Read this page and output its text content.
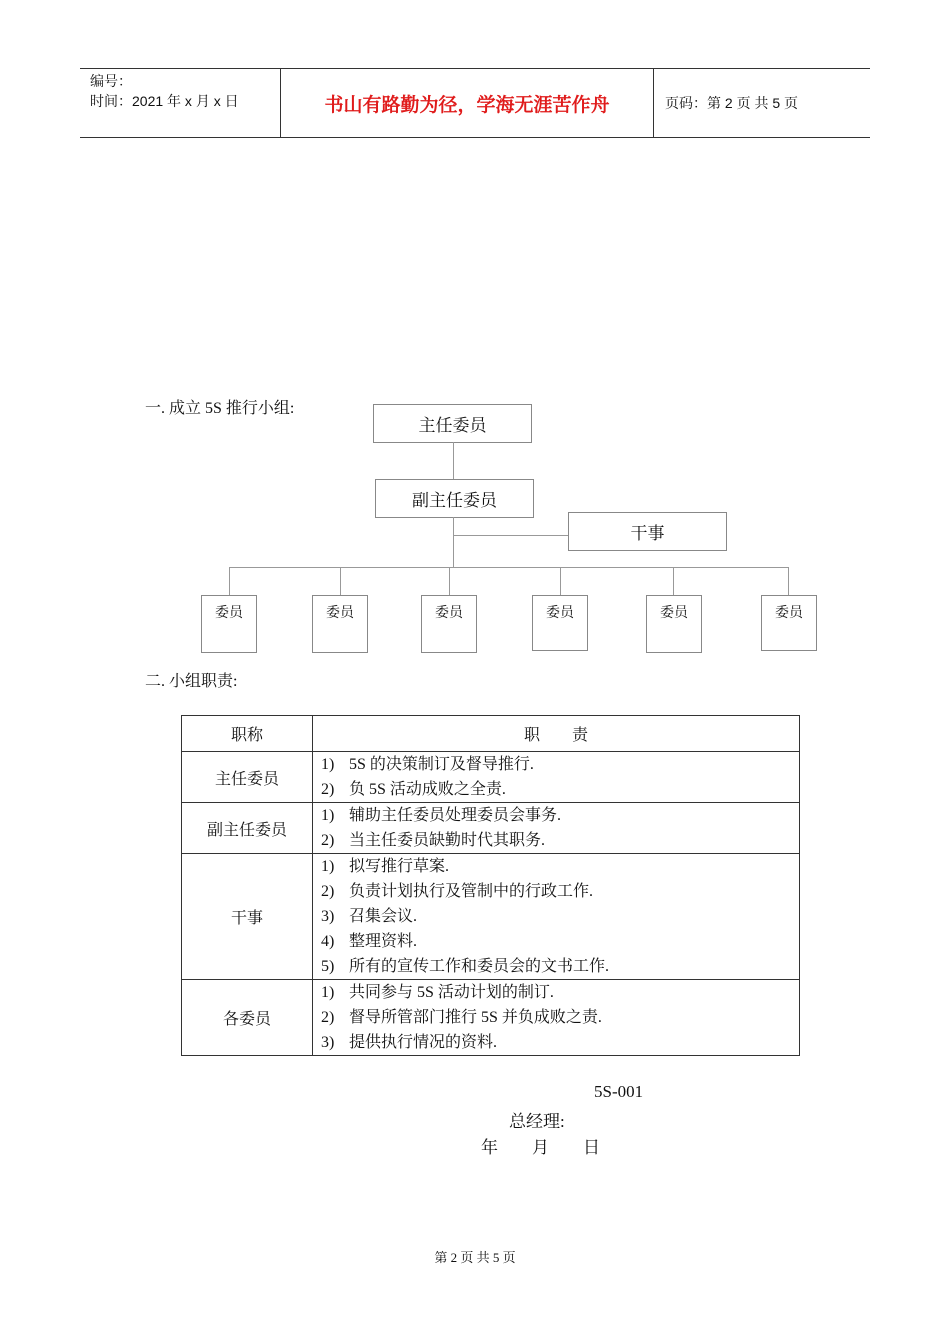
编号：
时间：2021 年 x 月 x 日	书山有路勤为径，学海无涯苦作舟	页码：第 2 页 共 5 页
一. 成立 5S 推行小组:
主任委员
副主任委员
干事
委员	委员	委员	委员	委员	委员
二. 小组职责:
职称	职　　责
主任委员	1) 5S 的决策制订及督导推行.
2) 负 5S 活动成败之全责.

副主任委员	1) 辅助主任委员处理委员会事务.
2) 当主任委员缺勤时代其职务.

干事	1) 拟写推行草案.
2) 负责计划执行及管制中的行政工作.
3) 召集会议.
4) 整理资料.
5) 所有的宣传工作和委员会的文书工作.

各委员	1) 共同参与 5S 活动计划的制订.
2) 督导所管部门推行 5S 并负成败之责.
3) 提供执行情况的资料.
5S-001
总经理:
年　　月　　日
第 2 页 共 5 页
